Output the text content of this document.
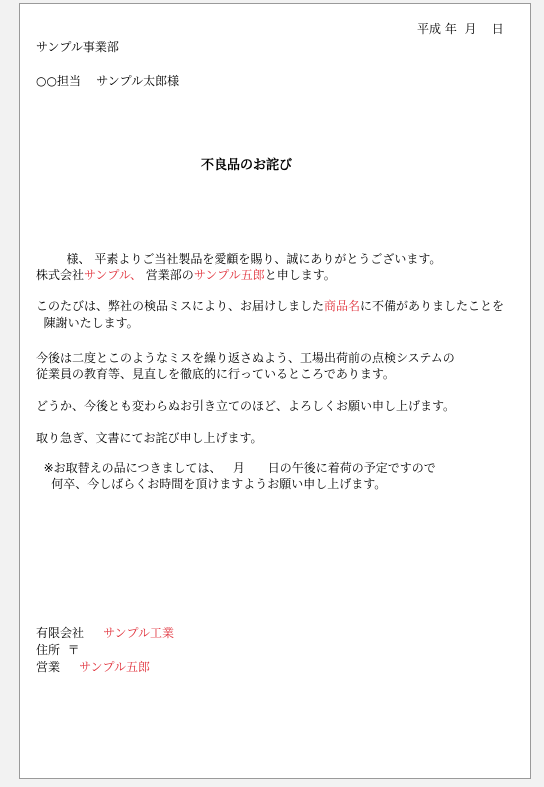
平成 年  月    日
サンプル事業部
○○担当    サンプル太郎様
不良品のお詫び
様、 平素よりご当社製品を愛顧を賜り、誠にありがとうございます。
株式会社サンプル、 営業部のサンプル五郎と申します。
このたびは、弊社の検品ミスにより、お届けしました商品名に不備がありましたことを
陳謝いたします。
今後は二度とこのようなミスを繰り返さぬよう、工場出荷前の点検システムの
従業員の教育等、見直しを徹底的に行っているところであります。
どうか、今後とも変わらぬお引き立てのほど、よろしくお願い申し上げます。
取り急ぎ、文書にてお詫び申し上げます。
※お取替えの品につきましては、   月      日の午後に着荷の予定ですので
何卒、今しばらくお時間を頂けますようお願い申し上げます。
有限会社 サンプル工業
住所  〒
営業 サンプル五郎
